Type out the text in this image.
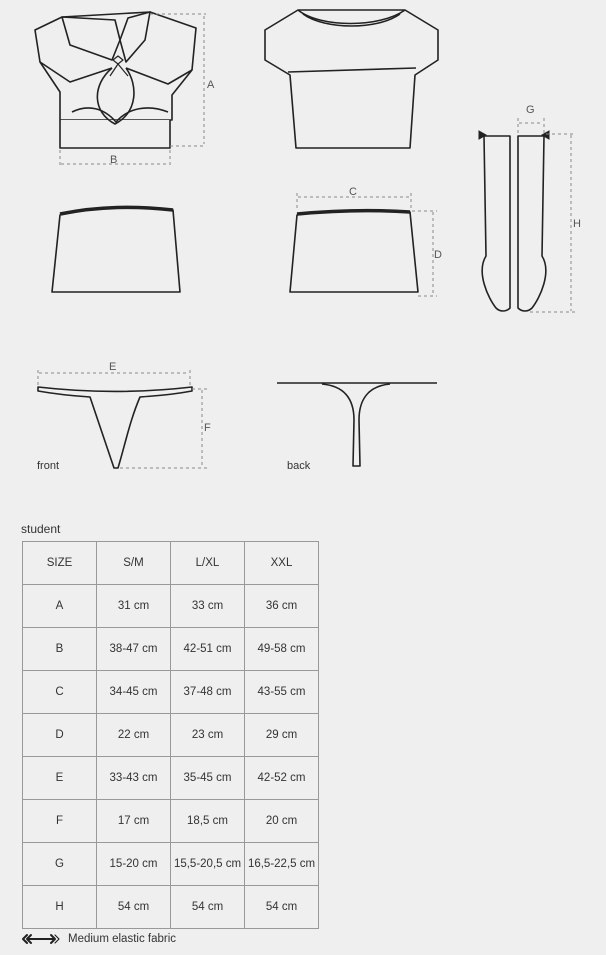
A
B
C
D
G
H
E
F
front	back
student
SIZE	S/M	L/XL	XXL
A	31 cm	33 cm	36 cm
B	38-47 cm	42-51 cm	49-58 cm
C	34-45 cm	37-48 cm	43-55 cm
D	22 cm	23 cm	29 cm
E	33-43 cm	35-45 cm	42-52 cm
F	17 cm	18,5 cm	20 cm
G	15-20 cm	15,5-20,5 cm	16,5-22,5 cm
H	54 cm	54 cm	54 cm
Medium elastic fabric
